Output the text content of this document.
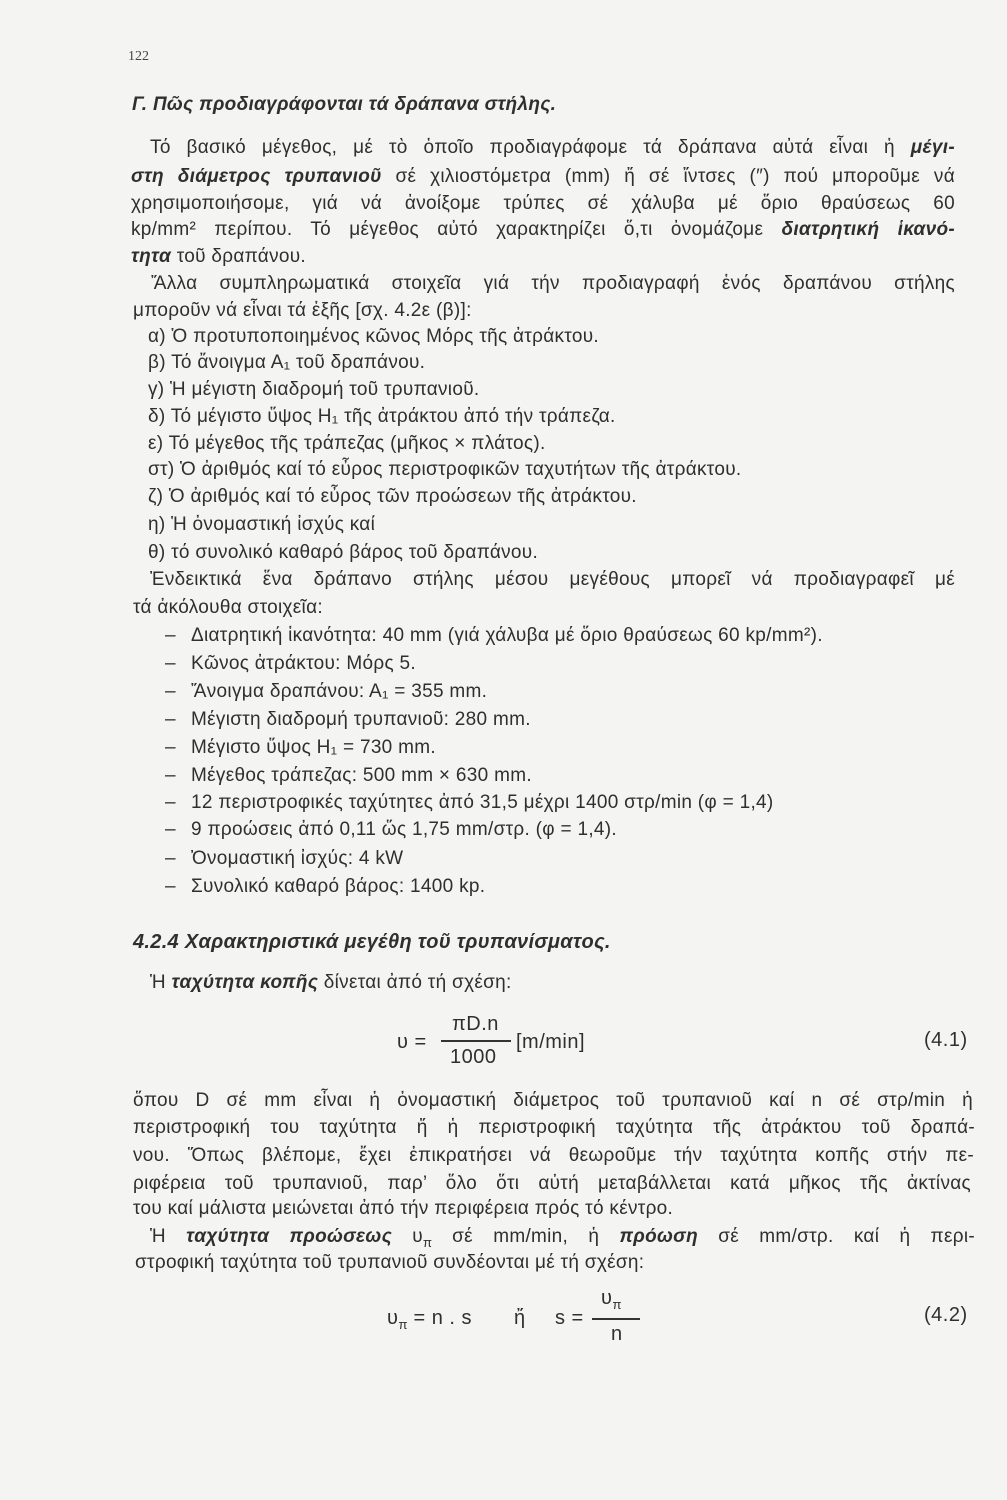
122
Γ. Πῶς προδιαγράφονται τά δράπανα στήλης.
Τό βασικό μέγεθος, μέ τὸ ὁποῖο προδιαγράφομε τά δράπανα αὐτά εἶναι ἡ μέγι-
στη διάμετρος τρυπανιοῦ σέ χιλιοστόμετρα (mm) ἤ σέ ἴντσες (″) πού μποροῦμε νά
χρησιμοποιήσομε, γιά νά ἀνοίξομε τρύπες σέ χάλυβα μέ ὅριο θραύσεως 60
kp/mm² περίπου. Τό μέγεθος αὐτό χαρακτηρίζει ὅ,τι ὀνομάζομε διατρητική ἱκανό-
τητα τοῦ δραπάνου.
Ἄλλα συμπληρωματικά στοιχεῖα γιά τήν προδιαγραφή ἑνός δραπάνου στήλης
μποροῦν νά εἶναι τά ἑξῆς [σχ. 4.2ε (β)]:
α) Ὁ προτυποποιημένος κῶνος Μόρς τῆς ἀτράκτου.
β) Τό ἄνοιγμα Α₁ τοῦ δραπάνου.
γ) Ἡ μέγιστη διαδρομή τοῦ τρυπανιοῦ.
δ) Τό μέγιστο ὕψος Η₁ τῆς ἀτράκτου ἀπό τήν τράπεζα.
ε) Τό μέγεθος τῆς τράπεζας (μῆκος × πλάτος).
στ) Ὁ ἀριθμός καί τό εὖρος περιστροφικῶν ταχυτήτων τῆς ἀτράκτου.
ζ) Ὁ ἀριθμός καί τό εὖρος τῶν προώσεων τῆς ἀτράκτου.
η) Ἡ ὀνομαστική ἰσχύς καί
θ) τό συνολικό καθαρό βάρος τοῦ δραπάνου.
Ἐνδεικτικά ἕνα δράπανο στήλης μέσου μεγέθους μπορεῖ νά προδιαγραφεῖ μέ
τά ἀκόλουθα στοιχεῖα:
– Διατρητική ἱκανότητα: 40 mm (γιά χάλυβα μέ ὅριο θραύσεως 60 kp/mm²).
– Κῶνος ἀτράκτου: Μόρς 5.
– Ἄνοιγμα δραπάνου: Α₁ = 355 mm.
– Μέγιστη διαδρομή τρυπανιοῦ: 280 mm.
– Μέγιστο ὕψος Η₁ = 730 mm.
– Μέγεθος τράπεζας: 500 mm × 630 mm.
– 12 περιστροφικές ταχύτητες ἀπό 31,5 μέχρι 1400 στρ/min (φ = 1,4)
– 9 προώσεις ἀπό 0,11 ὥς 1,75 mm/στρ. (φ = 1,4).
– Ὀνομαστική ἰσχύς: 4 kW
– Συνολικό καθαρό βάρος: 1400 kp.
4.2.4 Χαρακτηριστικά μεγέθη τοῦ τρυπανίσματος.
Ἡ ταχύτητα κοπῆς δίνεται ἀπό τή σχέση:
υ =
πD.n
1000
[m/min]	(4.1)
ὅπου D σέ mm εἶναι ἡ ὀνομαστική διάμετρος τοῦ τρυπανιοῦ καί n σέ στρ/min ἡ
περιστροφική του ταχύτητα ἤ ἡ περιστροφική ταχύτητα τῆς ἀτράκτου τοῦ δραπά-
νου. Ὅπως βλέπομε, ἔχει ἐπικρατήσει νά θεωροῦμε τήν ταχύτητα κοπῆς στήν πε-
ριφέρεια τοῦ τρυπανιοῦ, παρ’ ὅλο ὅτι αὐτή μεταβάλλεται κατά μῆκος τῆς ἀκτίνας
του καί μάλιστα μειώνεται ἀπό τήν περιφέρεια πρός τό κέντρο.
Ἡ ταχύτητα προώσεως $\upsilon_\pi$ σέ mm/min, ἡ πρόωση σέ mm/στρ. καί ἡ περι-
στροφική ταχύτητα τοῦ τρυπανιοῦ συνδέονται μέ τή σχέση:
$\upsilon_\pi = n$ . s ἤ s =
$\upsilon_\pi$
n
(4.2)
